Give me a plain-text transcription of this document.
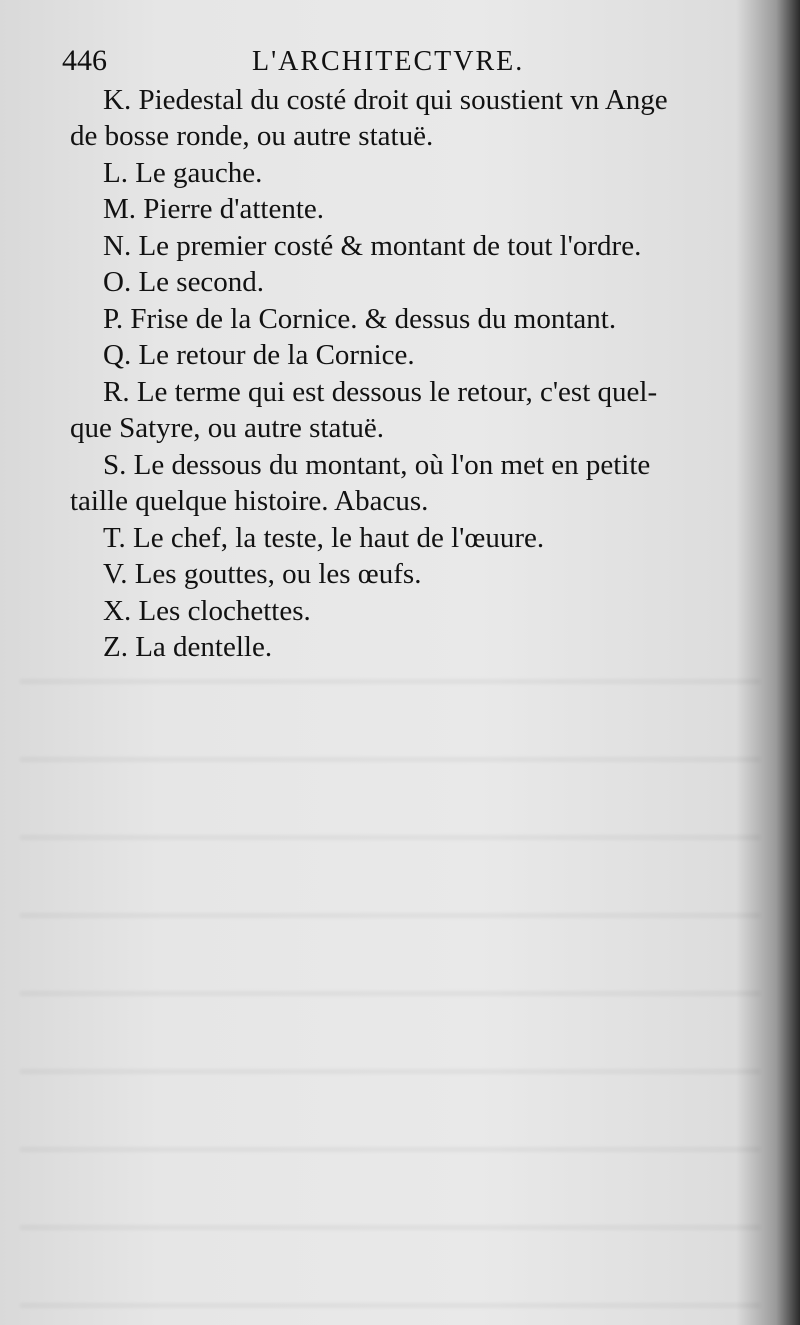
446	L'ARCHITECTVRE.
K. Piedestal du costé droit qui soustient vn Ange
de bosse ronde, ou autre statuë.
L. Le gauche.
M. Pierre d'attente.
N. Le premier costé & montant de tout l'ordre.
O. Le second.
P. Frise de la Cornice. & dessus du montant.
Q. Le retour de la Cornice.
R. Le terme qui est dessous le retour, c'est quel-
que Satyre, ou autre statuë.
S. Le dessous du montant, où l'on met en petite
taille quelque histoire. Abacus.
T. Le chef, la teste, le haut de l'œuure.
V. Les gouttes, ou les œufs.
X. Les clochettes.
Z. La dentelle.
